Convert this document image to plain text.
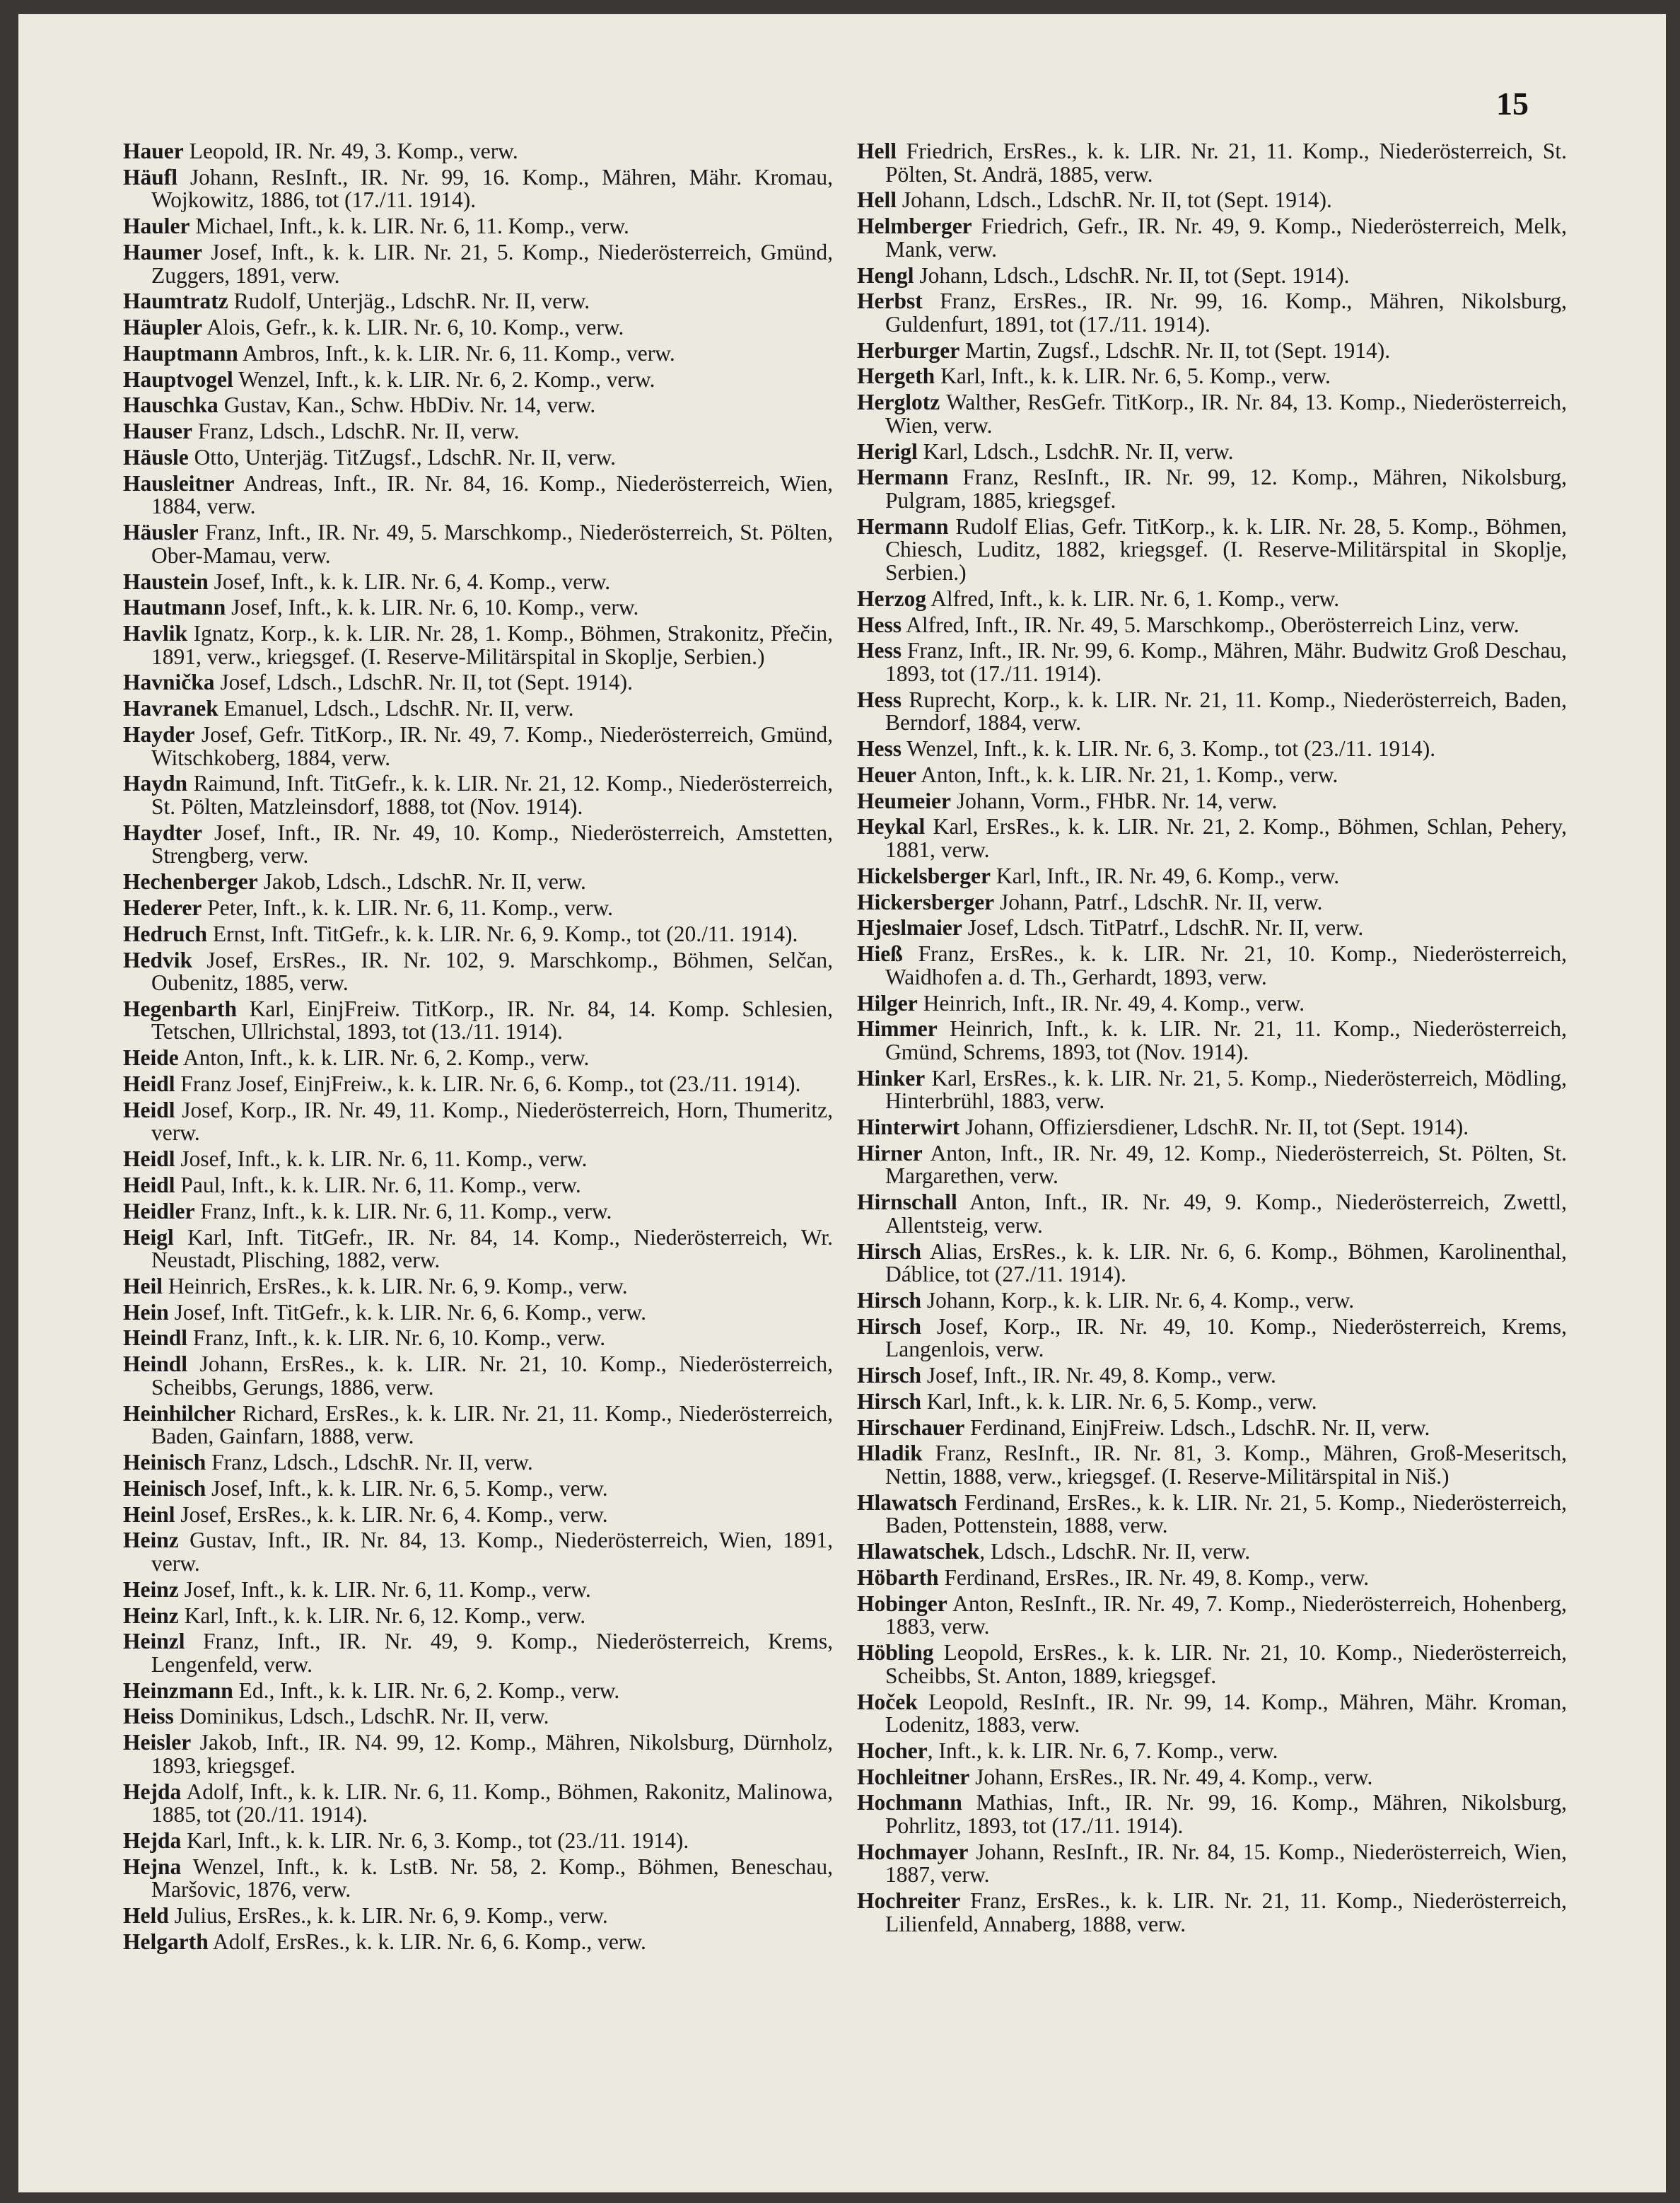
15

Hauer Leopold, IR. Nr. 49, 3. Komp., verw.

Häufl Johann, ResInft., IR. Nr. 99, 16. Komp., Mähren, Mähr. Kromau, Wojkowitz, 1886, tot (17./11. 1914).

Hauler Michael, Inft., k. k. LIR. Nr. 6, 11. Komp., verw.

Haumer Josef, Inft., k. k. LIR. Nr. 21, 5. Komp., Niederösterreich, Gmünd, Zuggers, 1891, verw.

Haumtratz Rudolf, Unterjäg., LdschR. Nr. II, verw.

Häupler Alois, Gefr., k. k. LIR. Nr. 6, 10. Komp., verw.

Hauptmann Ambros, Inft., k. k. LIR. Nr. 6, 11. Komp., verw.

Hauptvogel Wenzel, Inft., k. k. LIR. Nr. 6, 2. Komp., verw.

Hauschka Gustav, Kan., Schw. HbDiv. Nr. 14, verw.

Hauser Franz, Ldsch., LdschR. Nr. II, verw.

Häusle Otto, Unterjäg. TitZugsf., LdschR. Nr. II, verw.

Hausleitner Andreas, Inft., IR. Nr. 84, 16. Komp., Niederösterreich, Wien, 1884, verw.

Häusler Franz, Inft., IR. Nr. 49, 5. Marschkomp., Niederösterreich, St. Pölten, Ober-Mamau, verw.

Haustein Josef, Inft., k. k. LIR. Nr. 6, 4. Komp., verw.

Hautmann Josef, Inft., k. k. LIR. Nr. 6, 10. Komp., verw.

Havlik Ignatz, Korp., k. k. LIR. Nr. 28, 1. Komp., Böhmen, Strakonitz, Přečin, 1891, verw., kriegsgef. (I. Reserve-Militärspital in Skoplje, Serbien.)

Havnička Josef, Ldsch., LdschR. Nr. II, tot (Sept. 1914).

Havranek Emanuel, Ldsch., LdschR. Nr. II, verw.

Hayder Josef, Gefr. TitKorp., IR. Nr. 49, 7. Komp., Niederösterreich, Gmünd, Witschkoberg, 1884, verw.

Haydn Raimund, Inft. TitGefr., k. k. LIR. Nr. 21, 12. Komp., Niederösterreich, St. Pölten, Matzleinsdorf, 1888, tot (Nov. 1914).

Haydter Josef, Inft., IR. Nr. 49, 10. Komp., Niederösterreich, Amstetten, Strengberg, verw.

Hechenberger Jakob, Ldsch., LdschR. Nr. II, verw.

Hederer Peter, Inft., k. k. LIR. Nr. 6, 11. Komp., verw.

Hedruch Ernst, Inft. TitGefr., k. k. LIR. Nr. 6, 9. Komp., tot (20./11. 1914).

Hedvik Josef, ErsRes., IR. Nr. 102, 9. Marschkomp., Böhmen, Selčan, Oubenitz, 1885, verw.

Hegenbarth Karl, EinjFreiw. TitKorp., IR. Nr. 84, 14. Komp. Schlesien, Tetschen, Ullrichstal, 1893, tot (13./11. 1914).

Heide Anton, Inft., k. k. LIR. Nr. 6, 2. Komp., verw.

Heidl Franz Josef, EinjFreiw., k. k. LIR. Nr. 6, 6. Komp., tot (23./11. 1914).

Heidl Josef, Korp., IR. Nr. 49, 11. Komp., Niederösterreich, Horn, Thumeritz, verw.

Heidl Josef, Inft., k. k. LIR. Nr. 6, 11. Komp., verw.

Heidl Paul, Inft., k. k. LIR. Nr. 6, 11. Komp., verw.

Heidler Franz, Inft., k. k. LIR. Nr. 6, 11. Komp., verw.

Heigl Karl, Inft. TitGefr., IR. Nr. 84, 14. Komp., Niederösterreich, Wr. Neustadt, Plisching, 1882, verw.

Heil Heinrich, ErsRes., k. k. LIR. Nr. 6, 9. Komp., verw.

Hein Josef, Inft. TitGefr., k. k. LIR. Nr. 6, 6. Komp., verw.

Heindl Franz, Inft., k. k. LIR. Nr. 6, 10. Komp., verw.

Heindl Johann, ErsRes., k. k. LIR. Nr. 21, 10. Komp., Niederösterreich, Scheibbs, Gerungs, 1886, verw.

Heinhilcher Richard, ErsRes., k. k. LIR. Nr. 21, 11. Komp., Niederösterreich, Baden, Gainfarn, 1888, verw.

Heinisch Franz, Ldsch., LdschR. Nr. II, verw.

Heinisch Josef, Inft., k. k. LIR. Nr. 6, 5. Komp., verw.

Heinl Josef, ErsRes., k. k. LIR. Nr. 6, 4. Komp., verw.

Heinz Gustav, Inft., IR. Nr. 84, 13. Komp., Niederösterreich, Wien, 1891, verw.

Heinz Josef, Inft., k. k. LIR. Nr. 6, 11. Komp., verw.

Heinz Karl, Inft., k. k. LIR. Nr. 6, 12. Komp., verw.

Heinzl Franz, Inft., IR. Nr. 49, 9. Komp., Niederösterreich, Krems, Lengenfeld, verw.

Heinzmann Ed., Inft., k. k. LIR. Nr. 6, 2. Komp., verw.

Heiss Dominikus, Ldsch., LdschR. Nr. II, verw.

Heisler Jakob, Inft., IR. N4. 99, 12. Komp., Mähren, Nikolsburg, Dürnholz, 1893, kriegsgef.

Hejda Adolf, Inft., k. k. LIR. Nr. 6, 11. Komp., Böhmen, Rakonitz, Malinowa, 1885, tot (20./11. 1914).

Hejda Karl, Inft., k. k. LIR. Nr. 6, 3. Komp., tot (23./11. 1914).

Hejna Wenzel, Inft., k. k. LstB. Nr. 58, 2. Komp., Böhmen, Beneschau, Maršovic, 1876, verw.

Held Julius, ErsRes., k. k. LIR. Nr. 6, 9. Komp., verw.

Helgarth Adolf, ErsRes., k. k. LIR. Nr. 6, 6. Komp., verw.

Hell Friedrich, ErsRes., k. k. LIR. Nr. 21, 11. Komp., Niederösterreich, St. Pölten, St. Andrä, 1885, verw.

Hell Johann, Ldsch., LdschR. Nr. II, tot (Sept. 1914).

Helmberger Friedrich, Gefr., IR. Nr. 49, 9. Komp., Niederösterreich, Melk, Mank, verw.

Hengl Johann, Ldsch., LdschR. Nr. II, tot (Sept. 1914).

Herbst Franz, ErsRes., IR. Nr. 99, 16. Komp., Mähren, Nikolsburg, Guldenfurt, 1891, tot (17./11. 1914).

Herburger Martin, Zugsf., LdschR. Nr. II, tot (Sept. 1914).

Hergeth Karl, Inft., k. k. LIR. Nr. 6, 5. Komp., verw.

Herglotz Walther, ResGefr. TitKorp., IR. Nr. 84, 13. Komp., Niederösterreich, Wien, verw.

Herigl Karl, Ldsch., LsdchR. Nr. II, verw.

Hermann Franz, ResInft., IR. Nr. 99, 12. Komp., Mähren, Nikolsburg, Pulgram, 1885, kriegsgef.

Hermann Rudolf Elias, Gefr. TitKorp., k. k. LIR. Nr. 28, 5. Komp., Böhmen, Chiesch, Luditz, 1882, kriegsgef. (I. Reserve-Militärspital in Skoplje, Serbien.)

Herzog Alfred, Inft., k. k. LIR. Nr. 6, 1. Komp., verw.

Hess Alfred, Inft., IR. Nr. 49, 5. Marschkomp., Oberösterreich Linz, verw.

Hess Franz, Inft., IR. Nr. 99, 6. Komp., Mähren, Mähr. Budwitz Groß Deschau, 1893, tot (17./11. 1914).

Hess Ruprecht, Korp., k. k. LIR. Nr. 21, 11. Komp., Niederösterreich, Baden, Berndorf, 1884, verw.

Hess Wenzel, Inft., k. k. LIR. Nr. 6, 3. Komp., tot (23./11. 1914).

Heuer Anton, Inft., k. k. LIR. Nr. 21, 1. Komp., verw.

Heumeier Johann, Vorm., FHbR. Nr. 14, verw.

Heykal Karl, ErsRes., k. k. LIR. Nr. 21, 2. Komp., Böhmen, Schlan, Pehery, 1881, verw.

Hickelsberger Karl, Inft., IR. Nr. 49, 6. Komp., verw.

Hickersberger Johann, Patrf., LdschR. Nr. II, verw.

Hjeslmaier Josef, Ldsch. TitPatrf., LdschR. Nr. II, verw.

Hieß Franz, ErsRes., k. k. LIR. Nr. 21, 10. Komp., Niederösterreich, Waidhofen a. d. Th., Gerhardt, 1893, verw.

Hilger Heinrich, Inft., IR. Nr. 49, 4. Komp., verw.

Himmer Heinrich, Inft., k. k. LIR. Nr. 21, 11. Komp., Niederösterreich, Gmünd, Schrems, 1893, tot (Nov. 1914).

Hinker Karl, ErsRes., k. k. LIR. Nr. 21, 5. Komp., Niederösterreich, Mödling, Hinterbrühl, 1883, verw.

Hinterwirt Johann, Offiziersdiener, LdschR. Nr. II, tot (Sept. 1914).

Hirner Anton, Inft., IR. Nr. 49, 12. Komp., Niederösterreich, St. Pölten, St. Margarethen, verw.

Hirnschall Anton, Inft., IR. Nr. 49, 9. Komp., Niederösterreich, Zwettl, Allentsteig, verw.

Hirsch Alias, ErsRes., k. k. LIR. Nr. 6, 6. Komp., Böhmen, Karolinenthal, Dáblice, tot (27./11. 1914).

Hirsch Johann, Korp., k. k. LIR. Nr. 6, 4. Komp., verw.

Hirsch Josef, Korp., IR. Nr. 49, 10. Komp., Niederösterreich, Krems, Langenlois, verw.

Hirsch Josef, Inft., IR. Nr. 49, 8. Komp., verw.

Hirsch Karl, Inft., k. k. LIR. Nr. 6, 5. Komp., verw.

Hirschauer Ferdinand, EinjFreiw. Ldsch., LdschR. Nr. II, verw.

Hladik Franz, ResInft., IR. Nr. 81, 3. Komp., Mähren, Groß-Meseritsch, Nettin, 1888, verw., kriegsgef. (I. Reserve-Militärspital in Niš.)

Hlawatsch Ferdinand, ErsRes., k. k. LIR. Nr. 21, 5. Komp., Niederösterreich, Baden, Pottenstein, 1888, verw.

Hlawatschek, Ldsch., LdschR. Nr. II, verw.

Höbarth Ferdinand, ErsRes., IR. Nr. 49, 8. Komp., verw.

Hobinger Anton, ResInft., IR. Nr. 49, 7. Komp., Niederösterreich, Hohenberg, 1883, verw.

Höbling Leopold, ErsRes., k. k. LIR. Nr. 21, 10. Komp., Niederösterreich, Scheibbs, St. Anton, 1889, kriegsgef.

Hoček Leopold, ResInft., IR. Nr. 99, 14. Komp., Mähren, Mähr. Kroman, Lodenitz, 1883, verw.

Hocher, Inft., k. k. LIR. Nr. 6, 7. Komp., verw.

Hochleitner Johann, ErsRes., IR. Nr. 49, 4. Komp., verw.

Hochmann Mathias, Inft., IR. Nr. 99, 16. Komp., Mähren, Nikolsburg, Pohrlitz, 1893, tot (17./11. 1914).

Hochmayer Johann, ResInft., IR. Nr. 84, 15. Komp., Niederösterreich, Wien, 1887, verw.

Hochreiter Franz, ErsRes., k. k. LIR. Nr. 21, 11. Komp., Niederösterreich, Lilienfeld, Annaberg, 1888, verw.
